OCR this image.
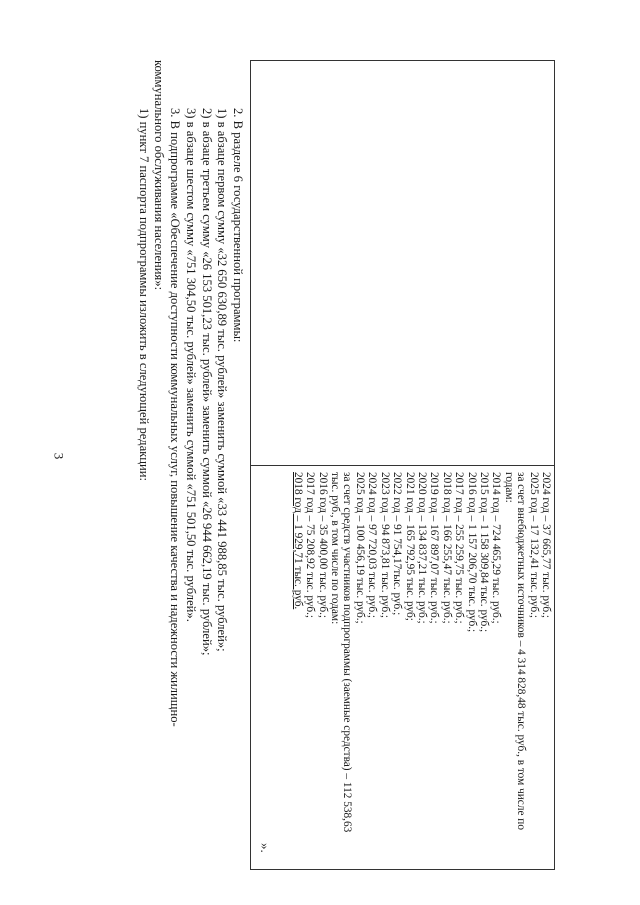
3
2024 год – 37 665,77 тыс. руб.;
2025 год – 17 132,41 тыс. руб.;
за счет внебюджетных источников – 4 314 828,48 тыс. руб., в том числе по
годам:
2014 год – 724 465,29 тыс. руб.;
2015 год – 1 158 309,84 тыс. руб.;
2016 год – 1 157 206,70 тыс. руб.;
2017 год – 255 259,75 тыс. руб.;
2018 год – 166 255,47 тыс. руб.;
2019 год – 167 897,07 тыс. руб.;
2020 год – 134 837,21 тыс. руб.;
2021 год – 165 792,95 тыс. руб;
2022 год – 91 754,17тыс. руб.;
2023 год – 94 873,81 тыс. руб.;
2024 год – 97 720,03 тыс. руб.;
2025 год – 100 456,19 тыс. руб.;
за счет средств участников подпрограммы (заемные средства) – 112 538,63
тыс. руб., в том числе по годам:
2016 год – 35 400,00 тыс. руб.;
2017 год – 75 208,92 тыс. руб.;
2018 год – 1 929,71 тыс. руб.
».
2. В разделе 6 государственной программы:
1) в абзаце первом сумму «32 650 630,89 тыс. рублей» заменить суммой «33 441 988,85 тыс. рублей»;
2) в абзаце третьем сумму «26 153 501,23 тыс. рублей» заменить суммой «26 944 662,19 тыс. рублей»;
3) в абзаце шестом сумму «751 304,50 тыс. рублей» заменить суммой «751 501,50 тыс. рублей».
3. В подпрограмме «Обеспечение доступности коммунальных услуг, повышение качества и надежности жилищно-
коммунального обслуживания населения»:
1) пункт 7 паспорта подпрограммы изложить в следующей редакции:
